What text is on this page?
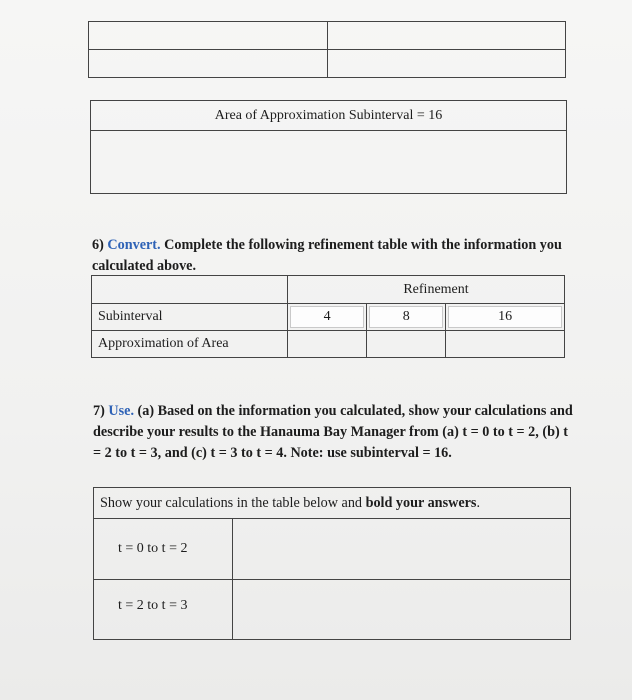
Area of Approximation Subinterval = 16

6) Convert. Complete the following refinement table with the information you calculated above.
	Refinement		
Subinterval	4	8	16

Approximation of Area			
7) Use. (a) Based on the information you calculated, show your calculations and describe your results to the Hanauma Bay Manager from (a) t = 0 to t = 2, (b) t = 2 to t = 3, and (c) t = 3 to t = 4. Note: use subinterval = 16.
Show your calculations in the table below and bold your answers.	
t = 0 to t = 2	
t = 2 to t = 3	
